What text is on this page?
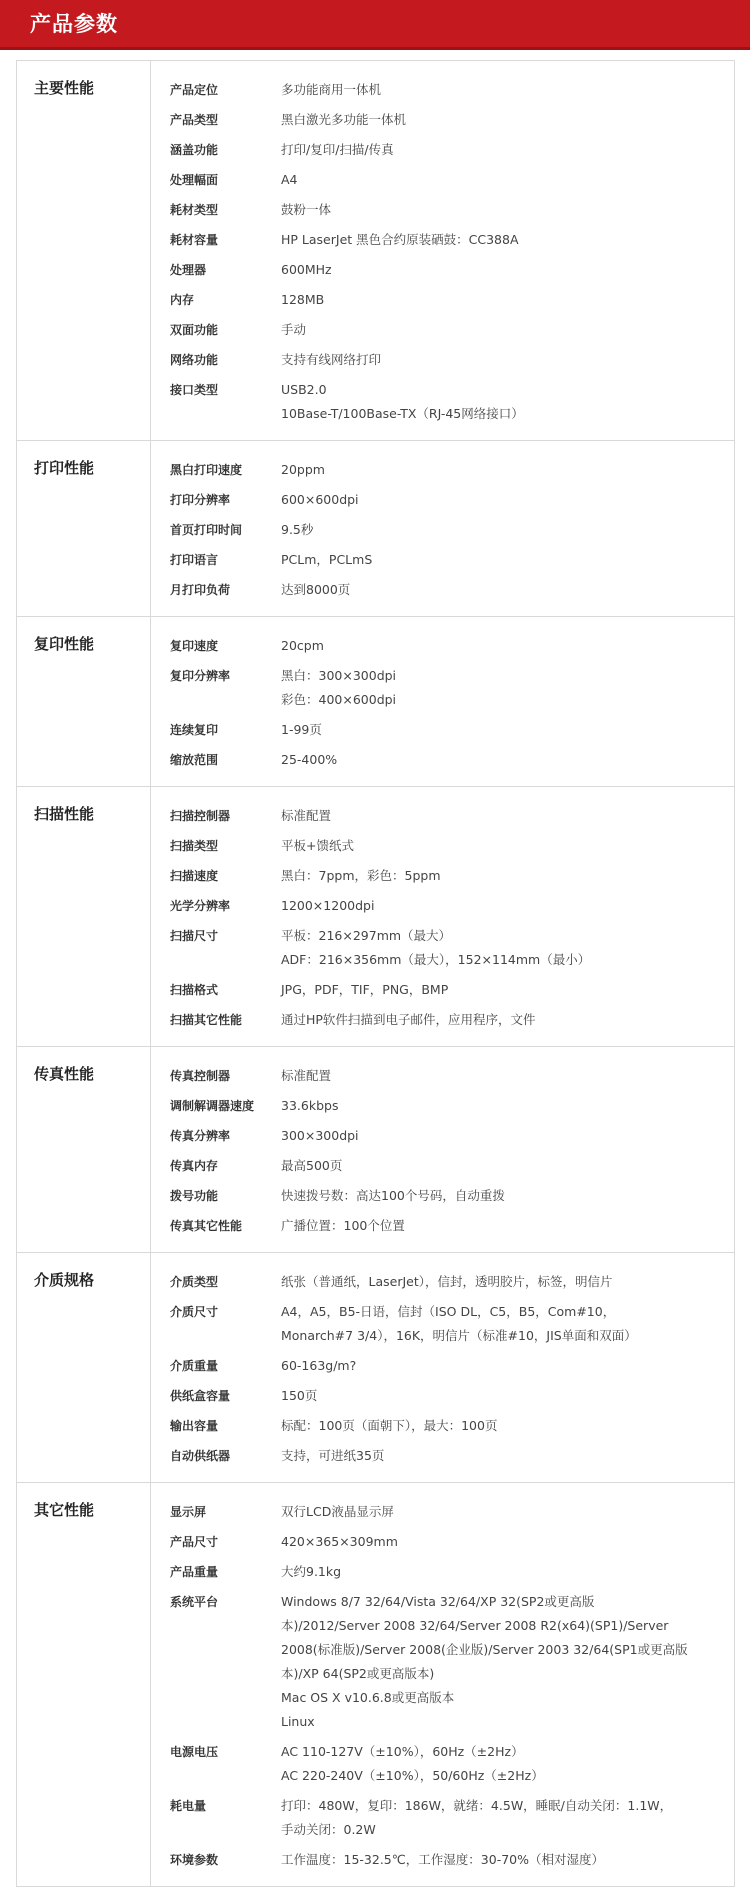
产品参数
主要性能	产品定位	多功能商用一体机
产品类型	黑白激光多功能一体机
涵盖功能	打印/复印/扫描/传真
处理幅面	A4
耗材类型	鼓粉一体
耗材容量	HP LaserJet 黑色合约原装硒鼓：CC388A
处理器	600MHz
内存	128MB
双面功能	手动
网络功能	支持有线网络打印
接口类型	USB2.0
10Base-T/100Base-TX（RJ-45网络接口）
打印性能	黑白打印速度	20ppm
打印分辨率	600×600dpi
首页打印时间	9.5秒
打印语言	PCLm，PCLmS
月打印负荷	达到8000页
复印性能	复印速度	20cpm
复印分辨率	黑白：300×300dpi
彩色：400×600dpi
连续复印	1-99页
缩放范围	25-400%
扫描性能	扫描控制器	标准配置
扫描类型	平板+馈纸式
扫描速度	黑白：7ppm，彩色：5ppm
光学分辨率	1200×1200dpi
扫描尺寸	平板：216×297mm（最大）
ADF：216×356mm（最大），152×114mm（最小）
扫描格式	JPG，PDF，TIF，PNG，BMP
扫描其它性能	通过HP软件扫描到电子邮件，应用程序，文件
传真性能	传真控制器	标准配置
调制解调器速度	33.6kbps
传真分辨率	300×300dpi
传真内存	最高500页
拨号功能	快速拨号数：高达100个号码，自动重拨
传真其它性能	广播位置：100个位置
介质规格	介质类型	纸张（普通纸，LaserJet），信封，透明胶片，标签，明信片
介质尺寸	A4，A5，B5-日语，信封（ISO DL，C5，B5，Com#10，
Monarch#7 3/4），16K，明信片（标准#10，JIS单面和双面）
介质重量	60-163g/m?
供纸盒容量	150页
输出容量	标配：100页（面朝下），最大：100页
自动供纸器	支持，可进纸35页
其它性能	显示屏	双行LCD液晶显示屏
产品尺寸	420×365×309mm
产品重量	大约9.1kg
系统平台	Windows 8/7 32/64/Vista 32/64/XP 32(SP2或更高版
本)/2012/Server 2008 32/64/Server 2008 R2(x64)(SP1)/Server
2008(标准版)/Server 2008(企业版)/Server 2003 32/64(SP1或更高版
本)/XP 64(SP2或更高版本)
Mac OS X v10.6.8或更高版本
Linux
电源电压	AC 110-127V（±10%），60Hz（±2Hz）
AC 220-240V（±10%），50/60Hz（±2Hz）
耗电量	打印：480W，复印：186W，就绪：4.5W，睡眠/自动关闭：1.1W，
手动关闭：0.2W
环境参数	工作温度：15-32.5℃，工作湿度：30-70%（相对湿度）
